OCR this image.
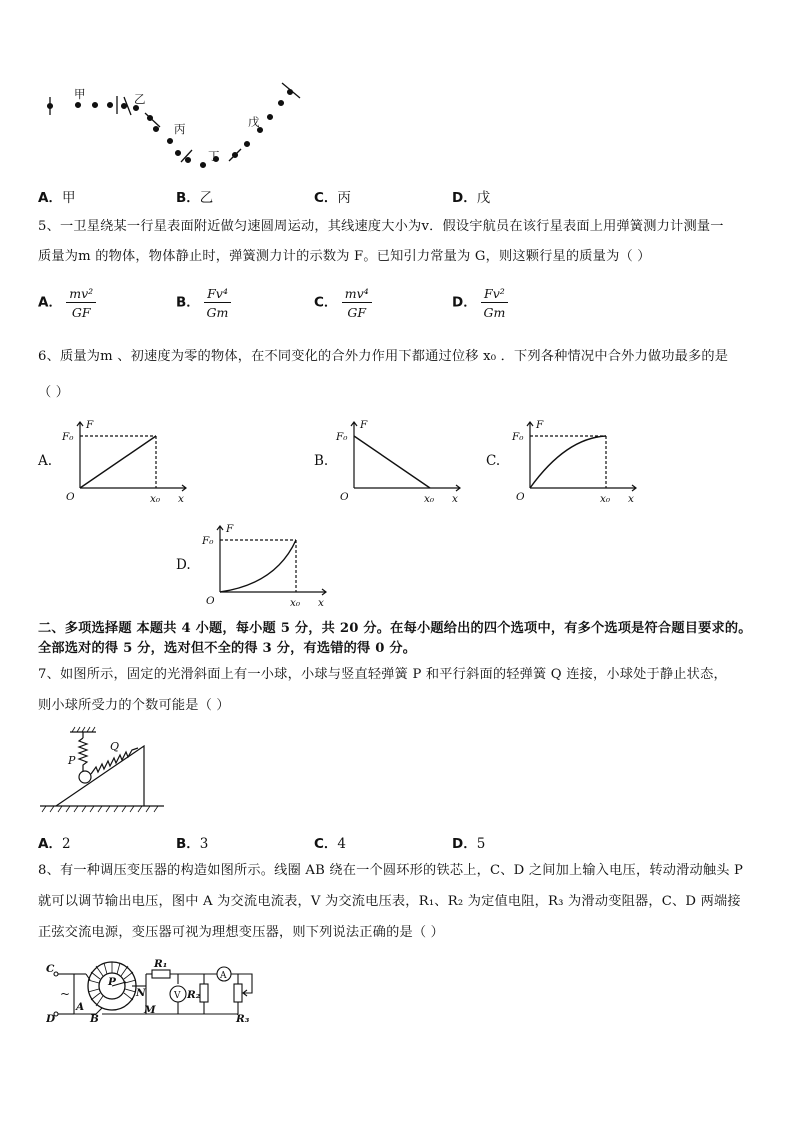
甲	乙
丙
丁
戊
A．甲	B．乙	C．丙	D．戊
5、一卫星绕某一行星表面附近做匀速圆周运动，其线速度大小为v．假设宇航员在该行星表面上用弹簧测力计测量一
质量为m 的物体，物体静止时，弹簧测力计的示数为 F。已知引力常量为 G，则这颗行星的质量为（ ）
A． $\frac{\text{mv²}}{GF}$	B． $\frac{\text{Fv⁴}}{Gm}$	C． $\frac{\text{mv⁴}}{GF}$	D． $\frac{\text{Fv²}}{Gm}$
6、质量为m 、初速度为零的物体，在不同变化的合外力作用下都通过位移 x₀ ．下列各种情况中合外力做功最多的是
（ ）
A.
F₀
F
O	x₀ x
B.
F₀
F
O	x₀ x
C.
F₀
F
O	x₀ x
D.
F₀
F
O	x₀ x
二、多项选择题 本题共 4 小题，每小题 5 分，共 20 分。在每小题给出的四个选项中，有多个选项是符合题目要求的。
全部选对的得 5 分，选对但不全的得 3 分，有选错的得 0 分。
7、如图所示，固定的光滑斜面上有一小球，小球与竖直轻弹簧 P 和平行斜面的轻弹簧 Q 连接，小球处于静止状态，
则小球所受力的个数可能是（ ）
P
Q
A．2	B．3	C．4	D．5
8、有一种调压变压器的构造如图所示。线圈 AB 绕在一个圆环形的铁芯上，C、D 之间加上输入电压，转动滑动触头 P
就可以调节输出电压，图中 A 为交流电流表，V 为交流电压表，R₁、R₂ 为定值电阻，R₃ 为滑动变阻器，C、D 两端接
正弦交流电源，变压器可视为理想变压器，则下列说法正确的是（ ）
C
D
A
B
P
N
M
R₁
R₂
R₃
V
A
~
